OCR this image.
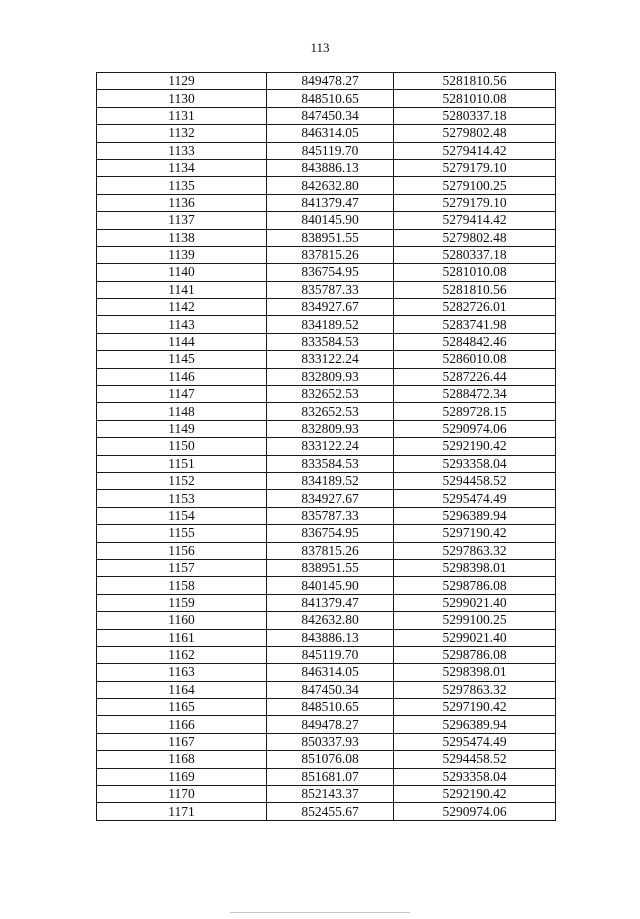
113
1129	849478.27	5281810.56
1130	848510.65	5281010.08
1131	847450.34	5280337.18
1132	846314.05	5279802.48
1133	845119.70	5279414.42
1134	843886.13	5279179.10
1135	842632.80	5279100.25
1136	841379.47	5279179.10
1137	840145.90	5279414.42
1138	838951.55	5279802.48
1139	837815.26	5280337.18
1140	836754.95	5281010.08
1141	835787.33	5281810.56
1142	834927.67	5282726.01
1143	834189.52	5283741.98
1144	833584.53	5284842.46
1145	833122.24	5286010.08
1146	832809.93	5287226.44
1147	832652.53	5288472.34
1148	832652.53	5289728.15
1149	832809.93	5290974.06
1150	833122.24	5292190.42
1151	833584.53	5293358.04
1152	834189.52	5294458.52
1153	834927.67	5295474.49
1154	835787.33	5296389.94
1155	836754.95	5297190.42
1156	837815.26	5297863.32
1157	838951.55	5298398.01
1158	840145.90	5298786.08
1159	841379.47	5299021.40
1160	842632.80	5299100.25
1161	843886.13	5299021.40
1162	845119.70	5298786.08
1163	846314.05	5298398.01
1164	847450.34	5297863.32
1165	848510.65	5297190.42
1166	849478.27	5296389.94
1167	850337.93	5295474.49
1168	851076.08	5294458.52
1169	851681.07	5293358.04
1170	852143.37	5292190.42
1171	852455.67	5290974.06
